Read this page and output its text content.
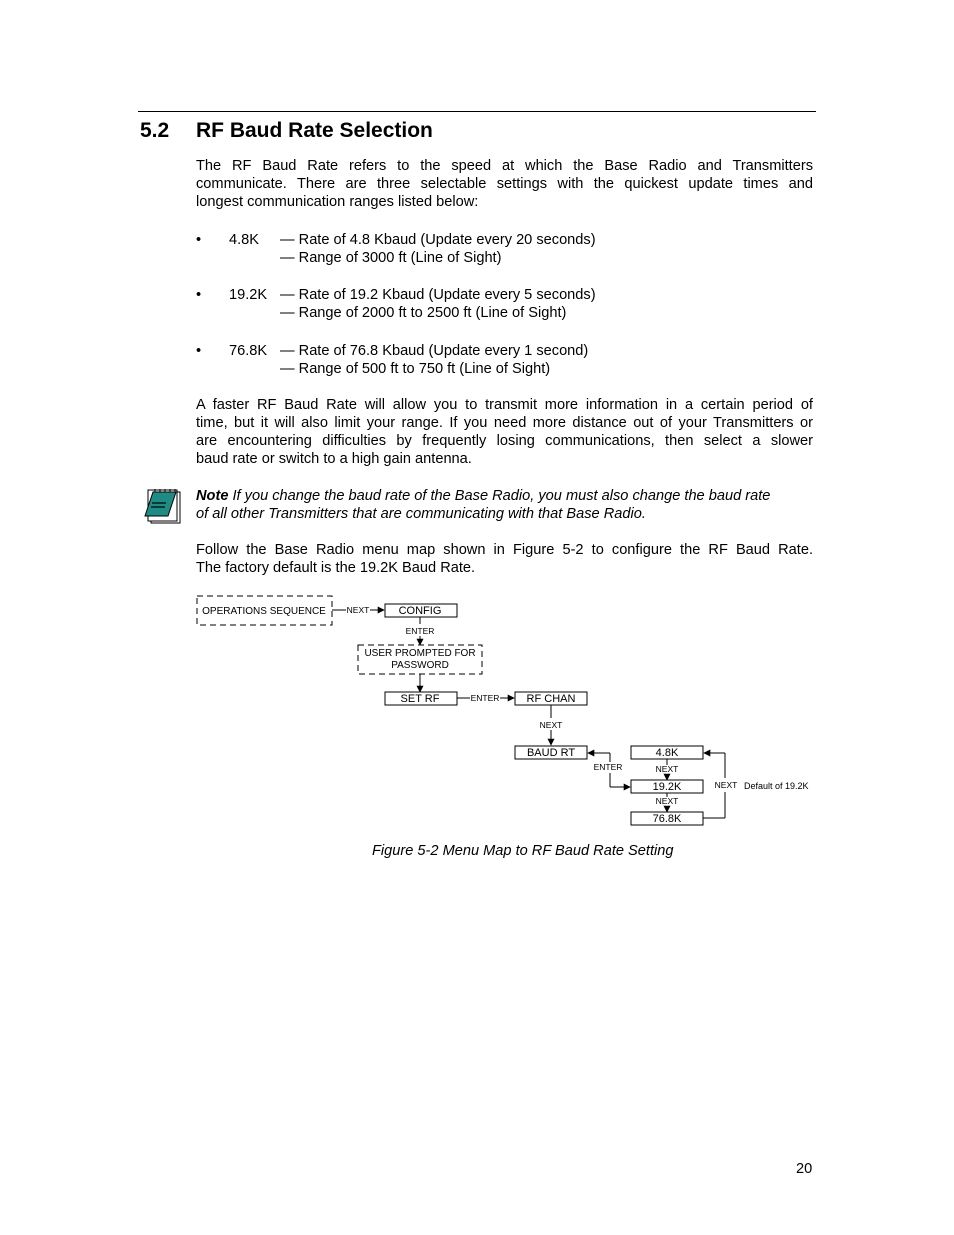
5.2 RF Baud Rate Selection
The RF Baud Rate refers to the speed at which the Base Radio and Transmitters
communicate. There are three selectable settings with the quickest update times and
longest communication ranges listed below:
• 4.8K — Rate of 4.8 Kbaud (Update every 20 seconds)
— Range of 3000 ft (Line of Sight)
• 19.2K — Rate of 19.2 Kbaud (Update every 5 seconds)
— Range of 2000 ft to 2500 ft (Line of Sight)
• 76.8K — Rate of 76.8 Kbaud (Update every 1 second)
— Range of 500 ft to 750 ft (Line of Sight)
A faster RF Baud Rate will allow you to transmit more information in a certain period of
time, but it will also limit your range. If you need more distance out of your Transmitters or
are encountering difficulties by frequently losing communications, then select a slower
baud rate or switch to a high gain antenna.
Note If you change the baud rate of the Base Radio, you must also change the baud rate
of all other Transmitters that are communicating with that Base Radio.
Follow the Base Radio menu map shown in Figure 5-2 to configure the RF Baud Rate.
The factory default is the 19.2K Baud Rate.
OPERATIONS SEQUENCE NEXT	CONFIG
ENTER
USER PROMPTED FOR
PASSWORD
SET RF	ENTER RF CHAN
NEXT
BAUD RT
ENTER
4.8K
NEXT
19.2K
NEXT
76.8K
NEXT Default of 19.2K
Figure 5-2 Menu Map to RF Baud Rate Setting
20
